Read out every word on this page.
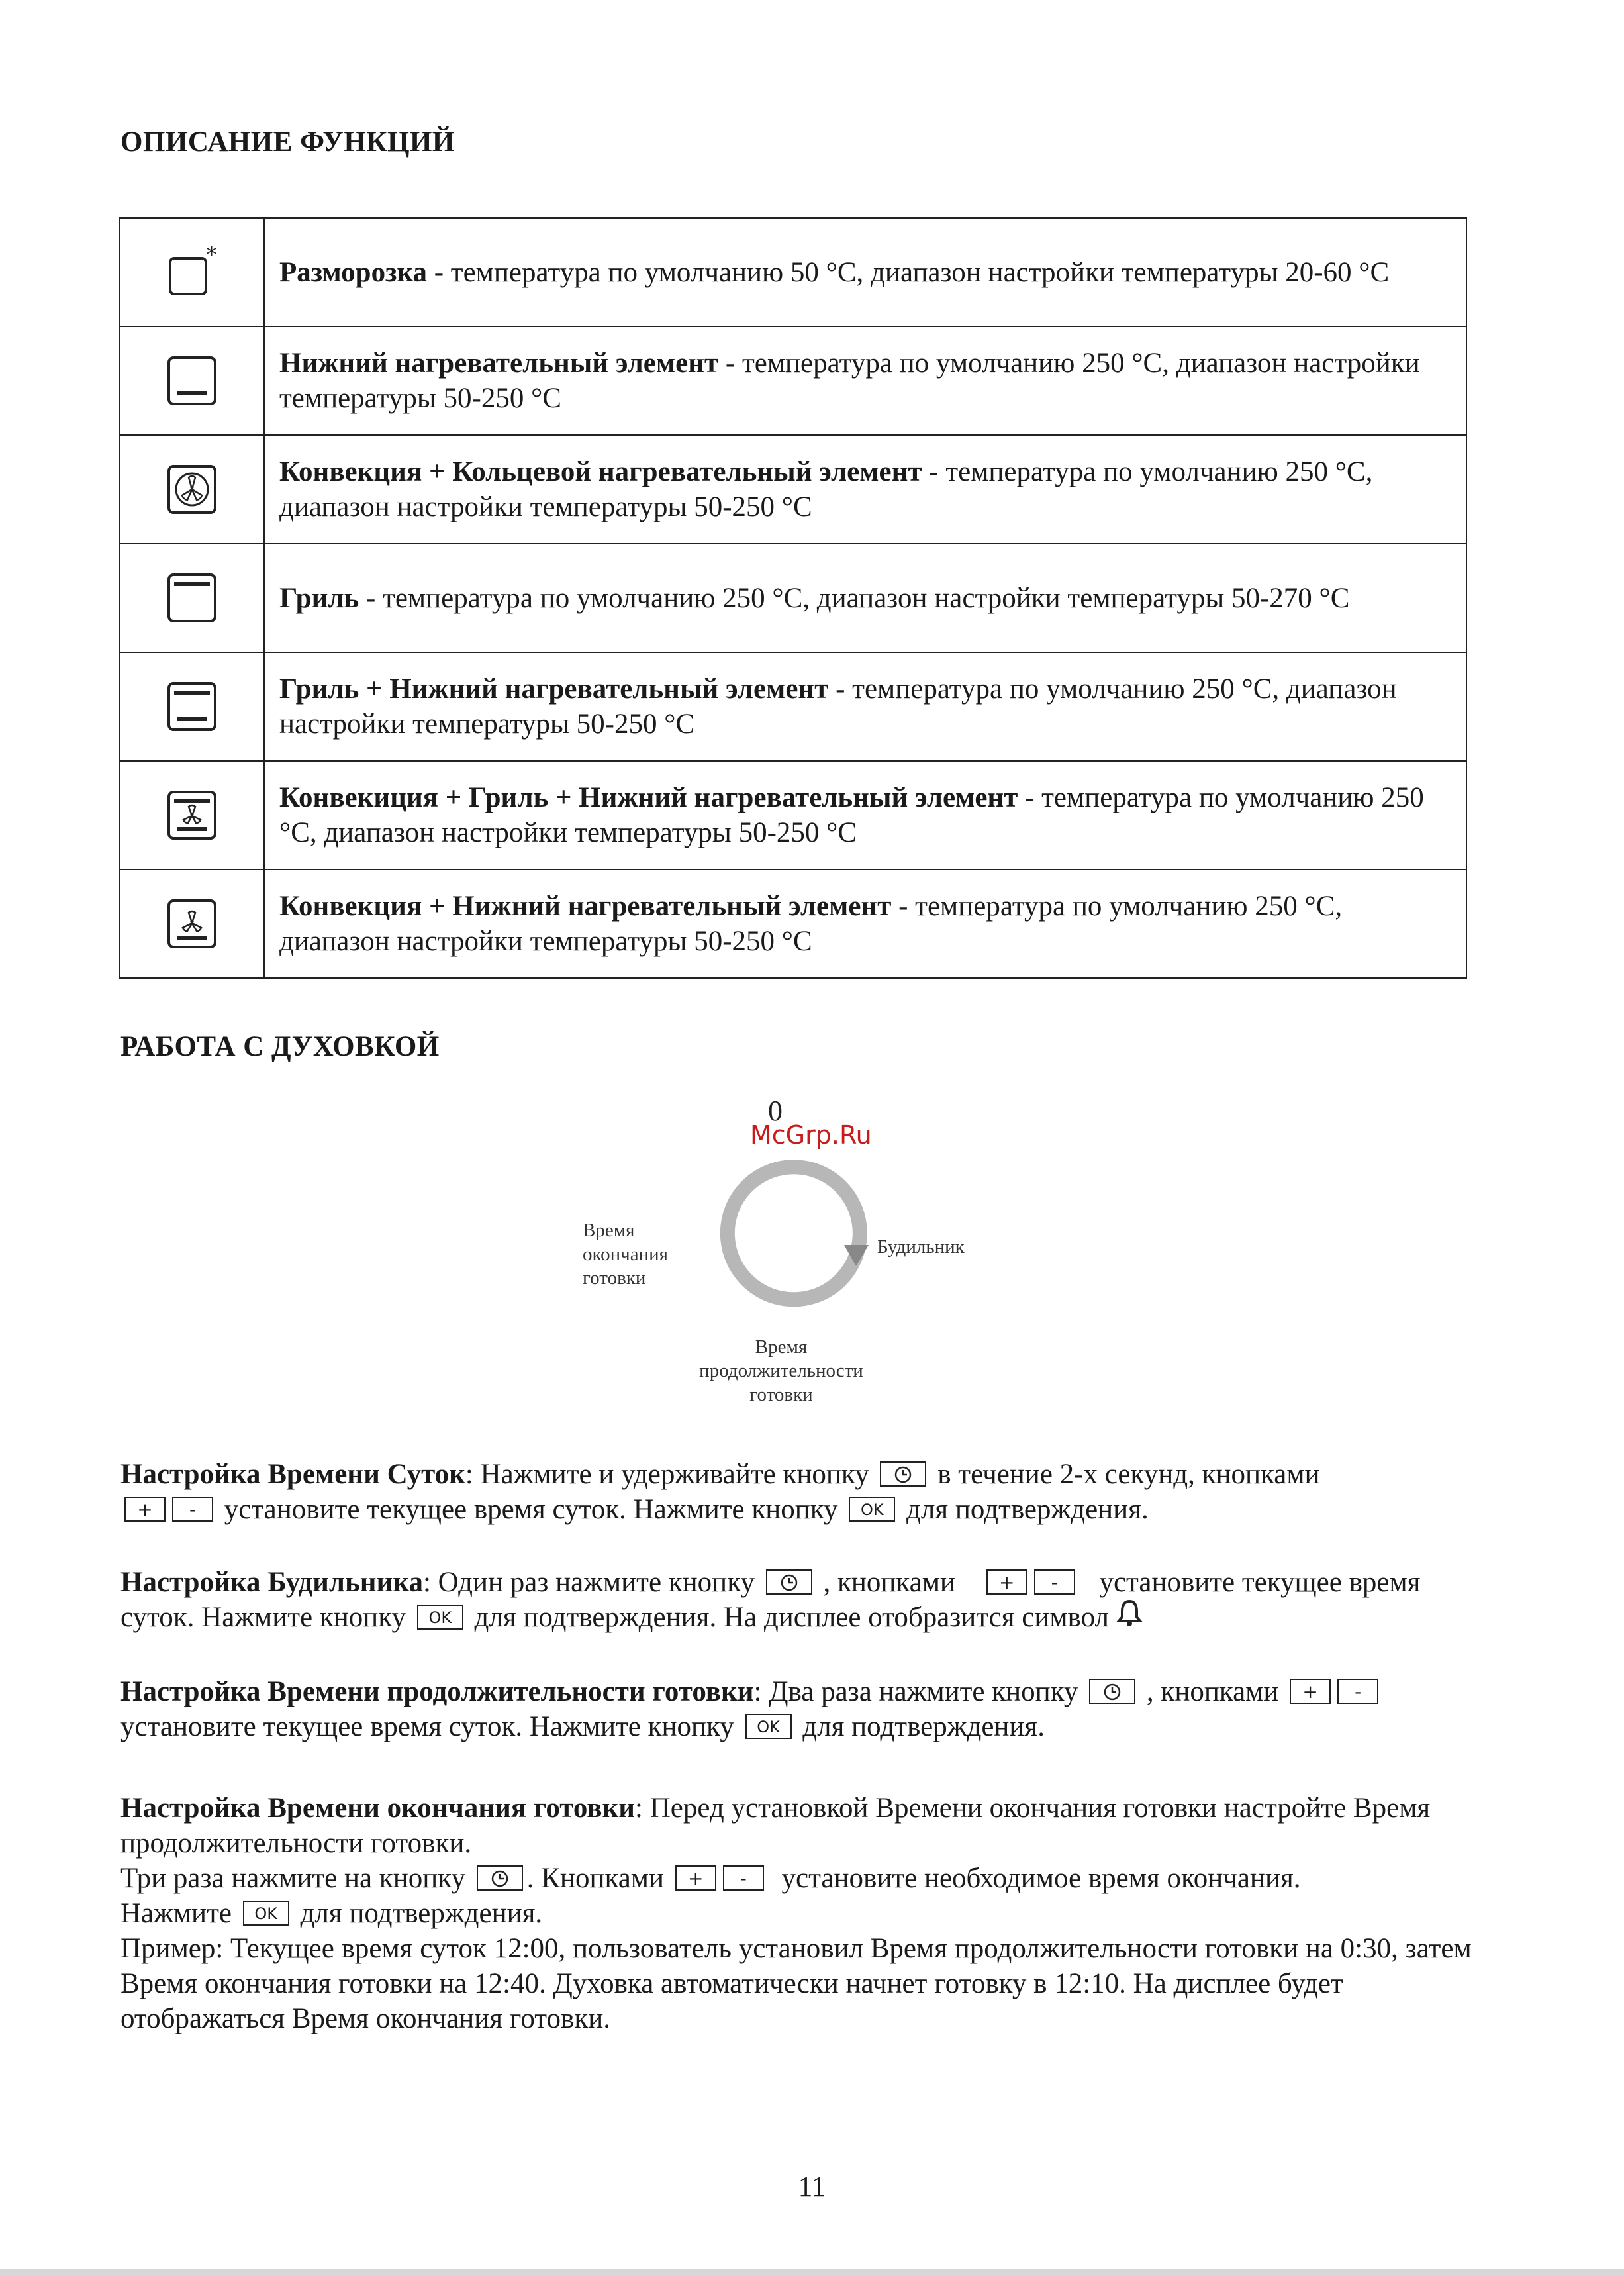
ОПИСАНИЕ ФУНКЦИЙ
*	Разморозка - температура по умолчанию 50 °С, диапазон настройки температуры 20-60 °С

	Нижний нагревательный элемент - температура по умолчанию 250 °С, диапазон настройки температуры 50-250 °С

	Конвекция + Кольцевой нагревательный элемент - температура по умолчанию 250 °С, диапазон настройки температуры 50-250 °С

	Гриль - температура по умолчанию 250 °С, диапазон настройки температуры 50-270 °С

	Гриль + Нижний нагревательный элемент - температура по умолчанию 250 °С, диапазон настройки температуры 50-250 °С

	Конвекиция + Гриль + Нижний нагревательный элемент - температура по умолчанию 250 °С, диапазон настройки температуры 50-250 °С

	Конвекция + Нижний нагревательный элемент - температура по умолчанию 250 °С, диапазон настройки температуры 50-250 °С
РАБОТА С ДУХОВКОЙ
0
McGrp.Ru
Время окончания готовки
Будильник
Время продолжительности готовки
Настройка Времени Суток: Нажмите и удерживайте кнопку в течение 2-х секунд, кнопками
+ - установите текущее время суток. Нажмите кнопку OK для подтверждения.
Настройка Будильника: Один раз нажмите кнопку , кнопками + - установите текущее время суток. Нажмите кнопку OK для подтверждения. На дисплее отобразится символ
Настройка Времени продолжительности готовки: Два раза нажмите кнопку , кнопками + -
установите текущее время суток. Нажмите кнопку OK для подтверждения.
Настройка Времени окончания готовки: Перед установкой Времени окончания готовки настройте Время продолжительности готовки.
Три раза нажмите на кнопку . Кнопками + - установите необходимое время окончания.
Нажмите OK для подтверждения.
Пример: Текущее время суток 12:00, пользователь установил Время продолжительности готовки на 0:30, затем Время окончания готовки на 12:40. Духовка автоматически начнет готовку в 12:10. На дисплее будет отображаться Время окончания готовки.
11
